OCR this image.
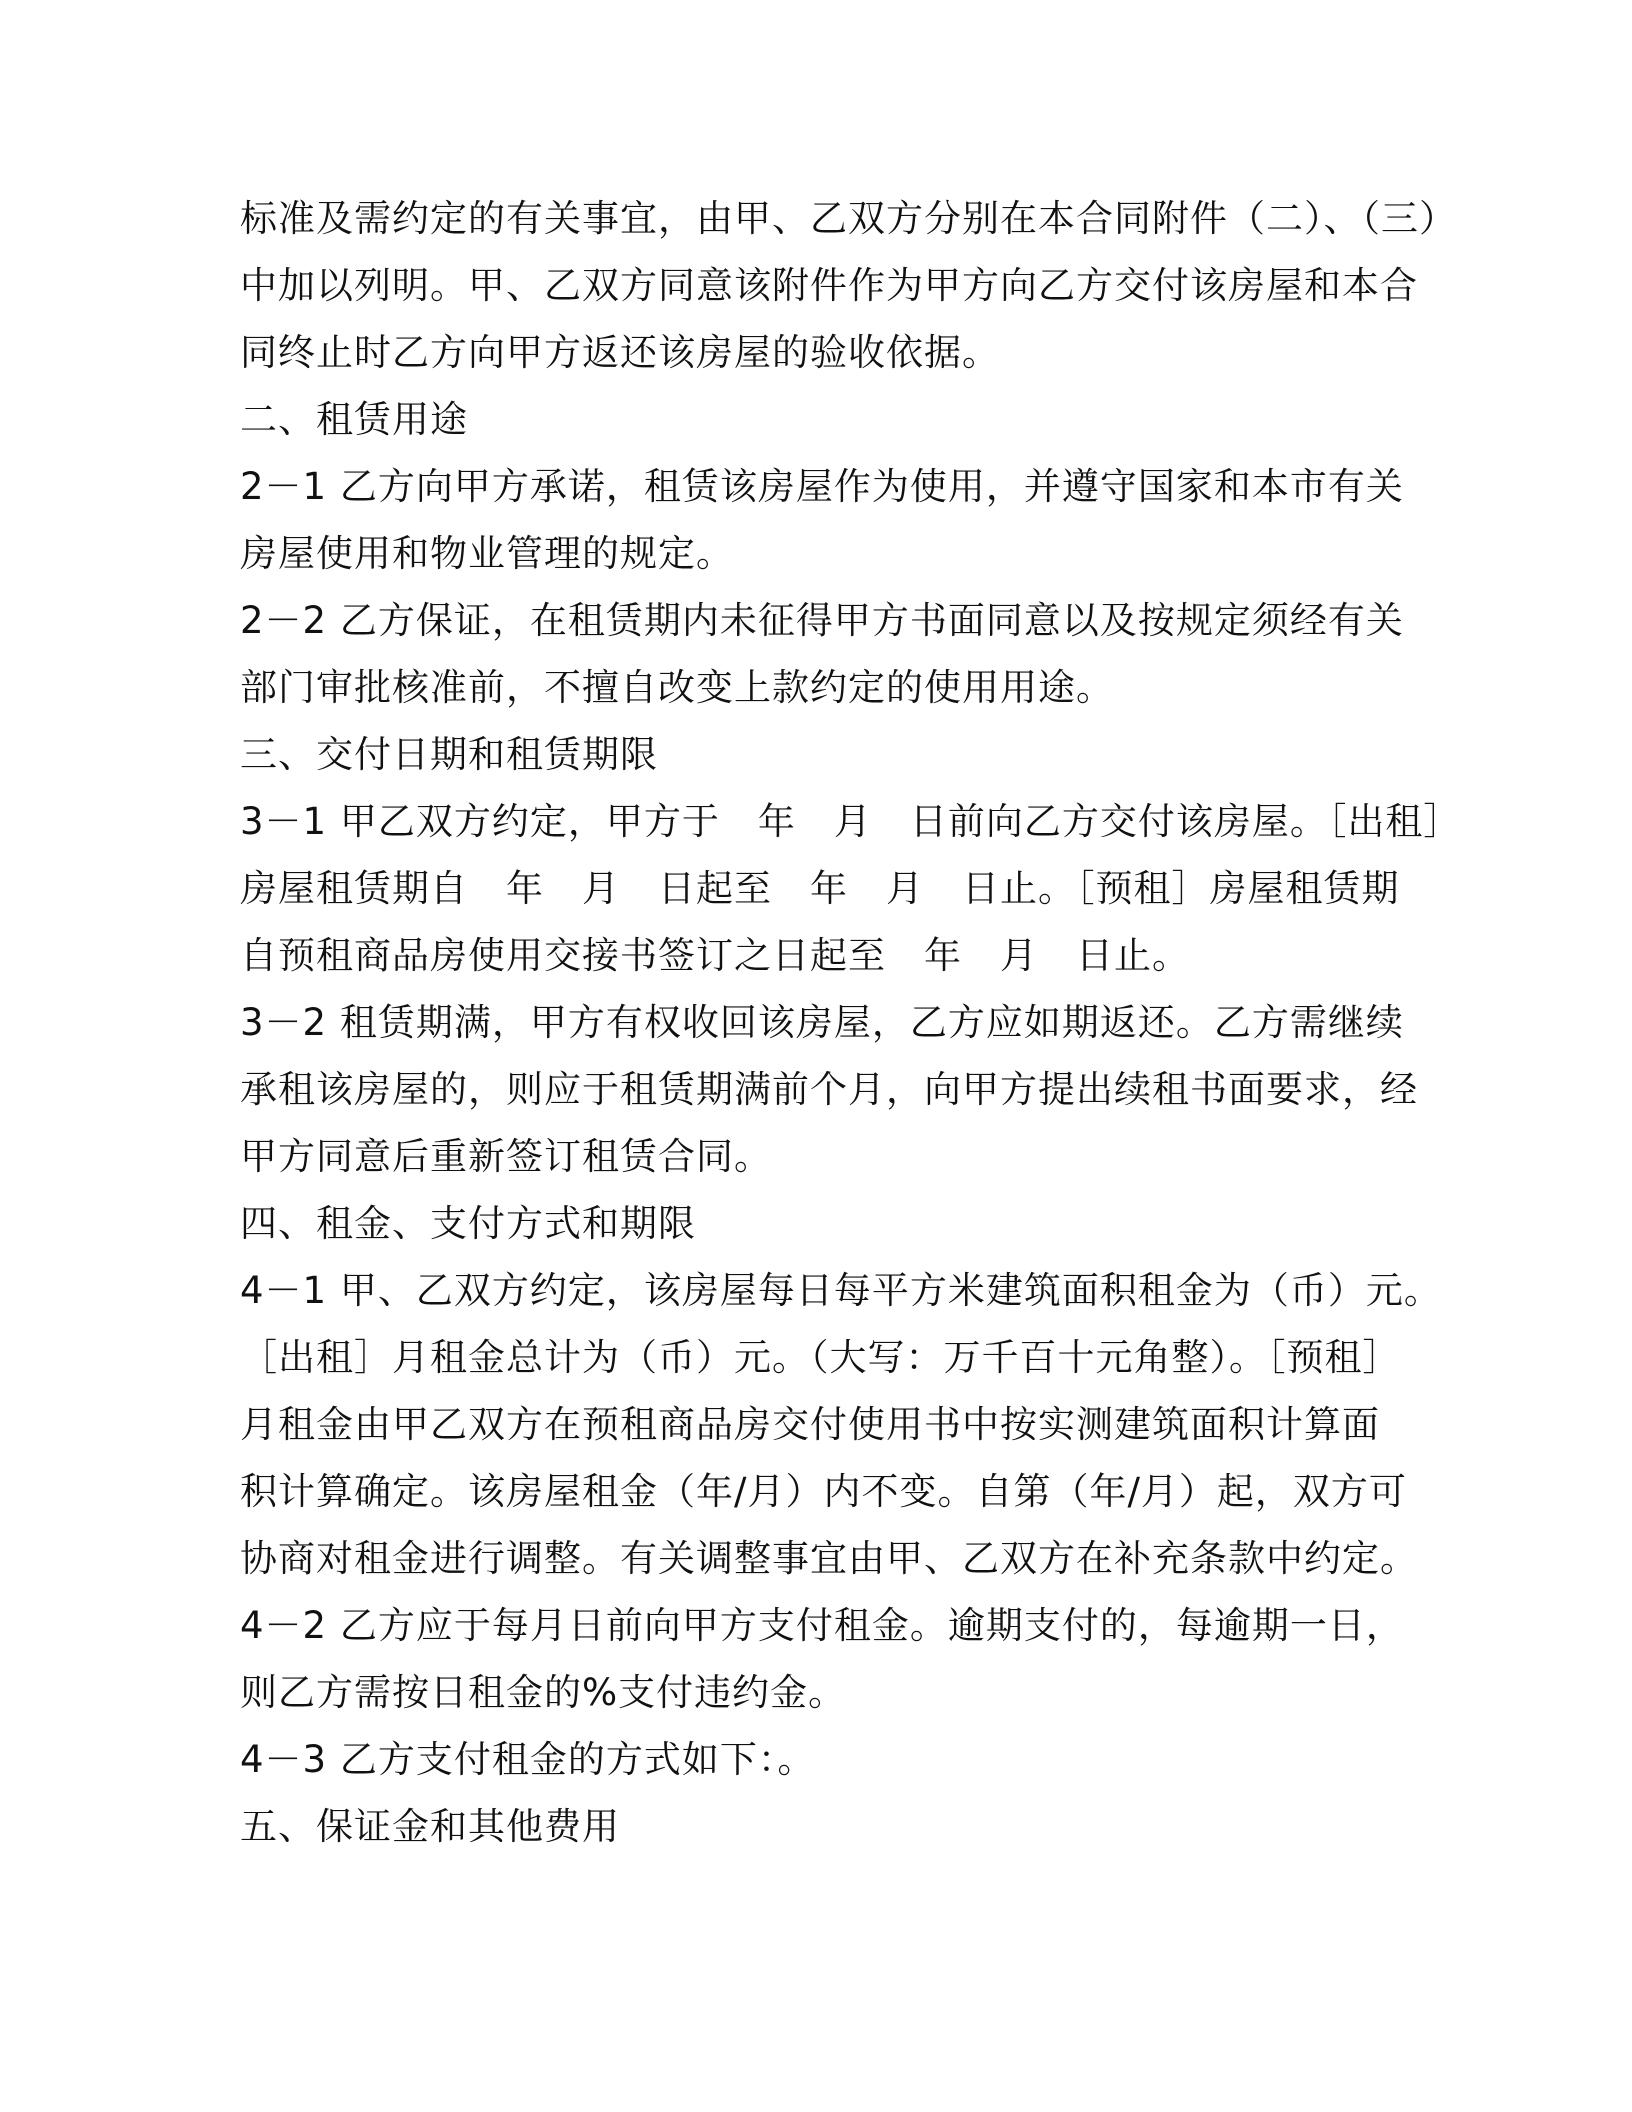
标准及需约定的有关事宜，由甲、乙双方分别在本合同附件（二）、（三）
中加以列明。甲、乙双方同意该附件作为甲方向乙方交付该房屋和本合
同终止时乙方向甲方返还该房屋的验收依据。
二、租赁用途
2－1 乙方向甲方承诺，租赁该房屋作为使用，并遵守国家和本市有关
房屋使用和物业管理的规定。
2－2 乙方保证，在租赁期内未征得甲方书面同意以及按规定须经有关
部门审批核准前，不擅自改变上款约定的使用用途。
三、交付日期和租赁期限
3－1 甲乙双方约定，甲方于　年　月　日前向乙方交付该房屋。［出租］
房屋租赁期自　年　月　日起至　年　月　日止。［预租］房屋租赁期
自预租商品房使用交接书签订之日起至　年　月　日止。
3－2 租赁期满，甲方有权收回该房屋，乙方应如期返还。乙方需继续
承租该房屋的，则应于租赁期满前个月，向甲方提出续租书面要求，经
甲方同意后重新签订租赁合同。
四、租金、支付方式和期限
4－1 甲、乙双方约定，该房屋每日每平方米建筑面积租金为（币）元。
［出租］月租金总计为（币）元。（大写：万千百十元角整）。［预租］
月租金由甲乙双方在预租商品房交付使用书中按实测建筑面积计算面
积计算确定。该房屋租金（年/月）内不变。自第（年/月）起，双方可
协商对租金进行调整。有关调整事宜由甲、乙双方在补充条款中约定。
4－2 乙方应于每月日前向甲方支付租金。逾期支付的，每逾期一日，
则乙方需按日租金的%支付违约金。
4－3 乙方支付租金的方式如下：。
五、保证金和其他费用
